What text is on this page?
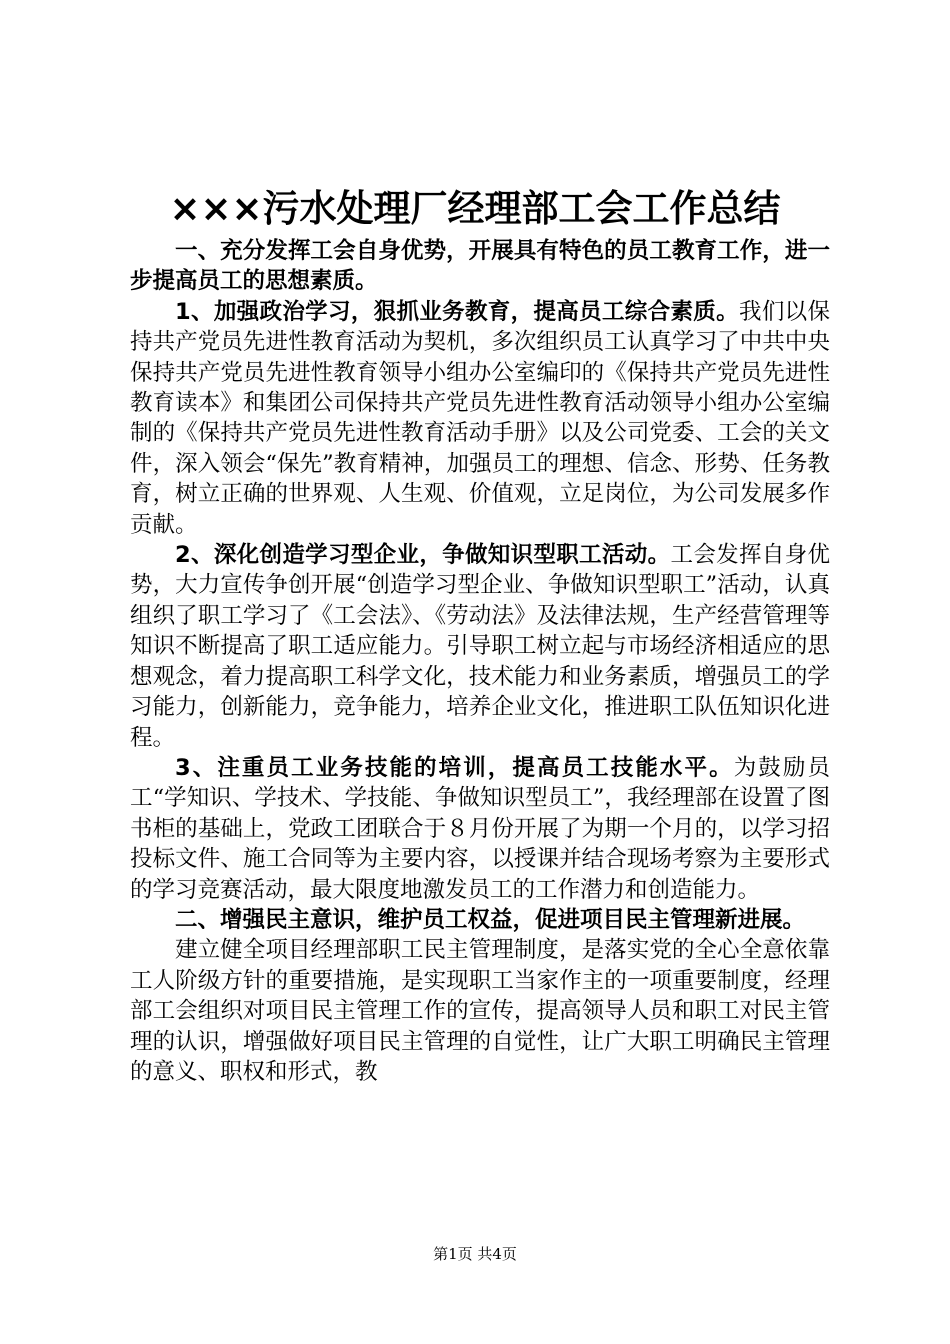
×××污水处理厂经理部工会工作总结

一、充分发挥工会自身优势，开展具有特色的员工教育工作，进一步提高员工的思想素质。

1、加强政治学习，狠抓业务教育，提高员工综合素质。我们以保持共产党员先进性教育活动为契机，多次组织员工认真学习了中共中央保持共产党员先进性教育领导小组办公室编印的《保持共产党员先进性教育读本》和集团公司保持共产党员先进性教育活动领导小组办公室编制的《保持共产党员先进性教育活动手册》以及公司党委、工会的关文件，深入领会“保先”教育精神，加强员工的理想、信念、形势、任务教育，树立正确的世界观、人生观、价值观，立足岗位，为公司发展多作贡献。

2、深化创造学习型企业，争做知识型职工活动。工会发挥自身优势，大力宣传争创开展“创造学习型企业、争做知识型职工”活动，认真组织了职工学习了《工会法》、《劳动法》及法律法规，生产经营管理等知识不断提高了职工适应能力。引导职工树立起与市场经济相适应的思想观念，着力提高职工科学文化，技术能力和业务素质，增强员工的学习能力，创新能力，竞争能力，培养企业文化，推进职工队伍知识化进程。

3、注重员工业务技能的培训，提高员工技能水平。为鼓励员工“学知识、学技术、学技能、争做知识型员工”，我经理部在设置了图书柜的基础上，党政工团联合于８月份开展了为期一个月的，以学习招投标文件、施工合同等为主要内容，以授课并结合现场考察为主要形式的学习竞赛活动，最大限度地激发员工的工作潜力和创造能力。

二、增强民主意识，维护员工权益，促进项目民主管理新进展。

建立健全项目经理部职工民主管理制度，是落实党的全心全意依靠工人阶级方针的重要措施，是实现职工当家作主的一项重要制度，经理部工会组织对项目民主管理工作的宣传，提高领导人员和职工对民主管理的认识，增强做好项目民主管理的自觉性，让广大职工明确民主管理的意义、职权和形式，教

第1页 共4页
